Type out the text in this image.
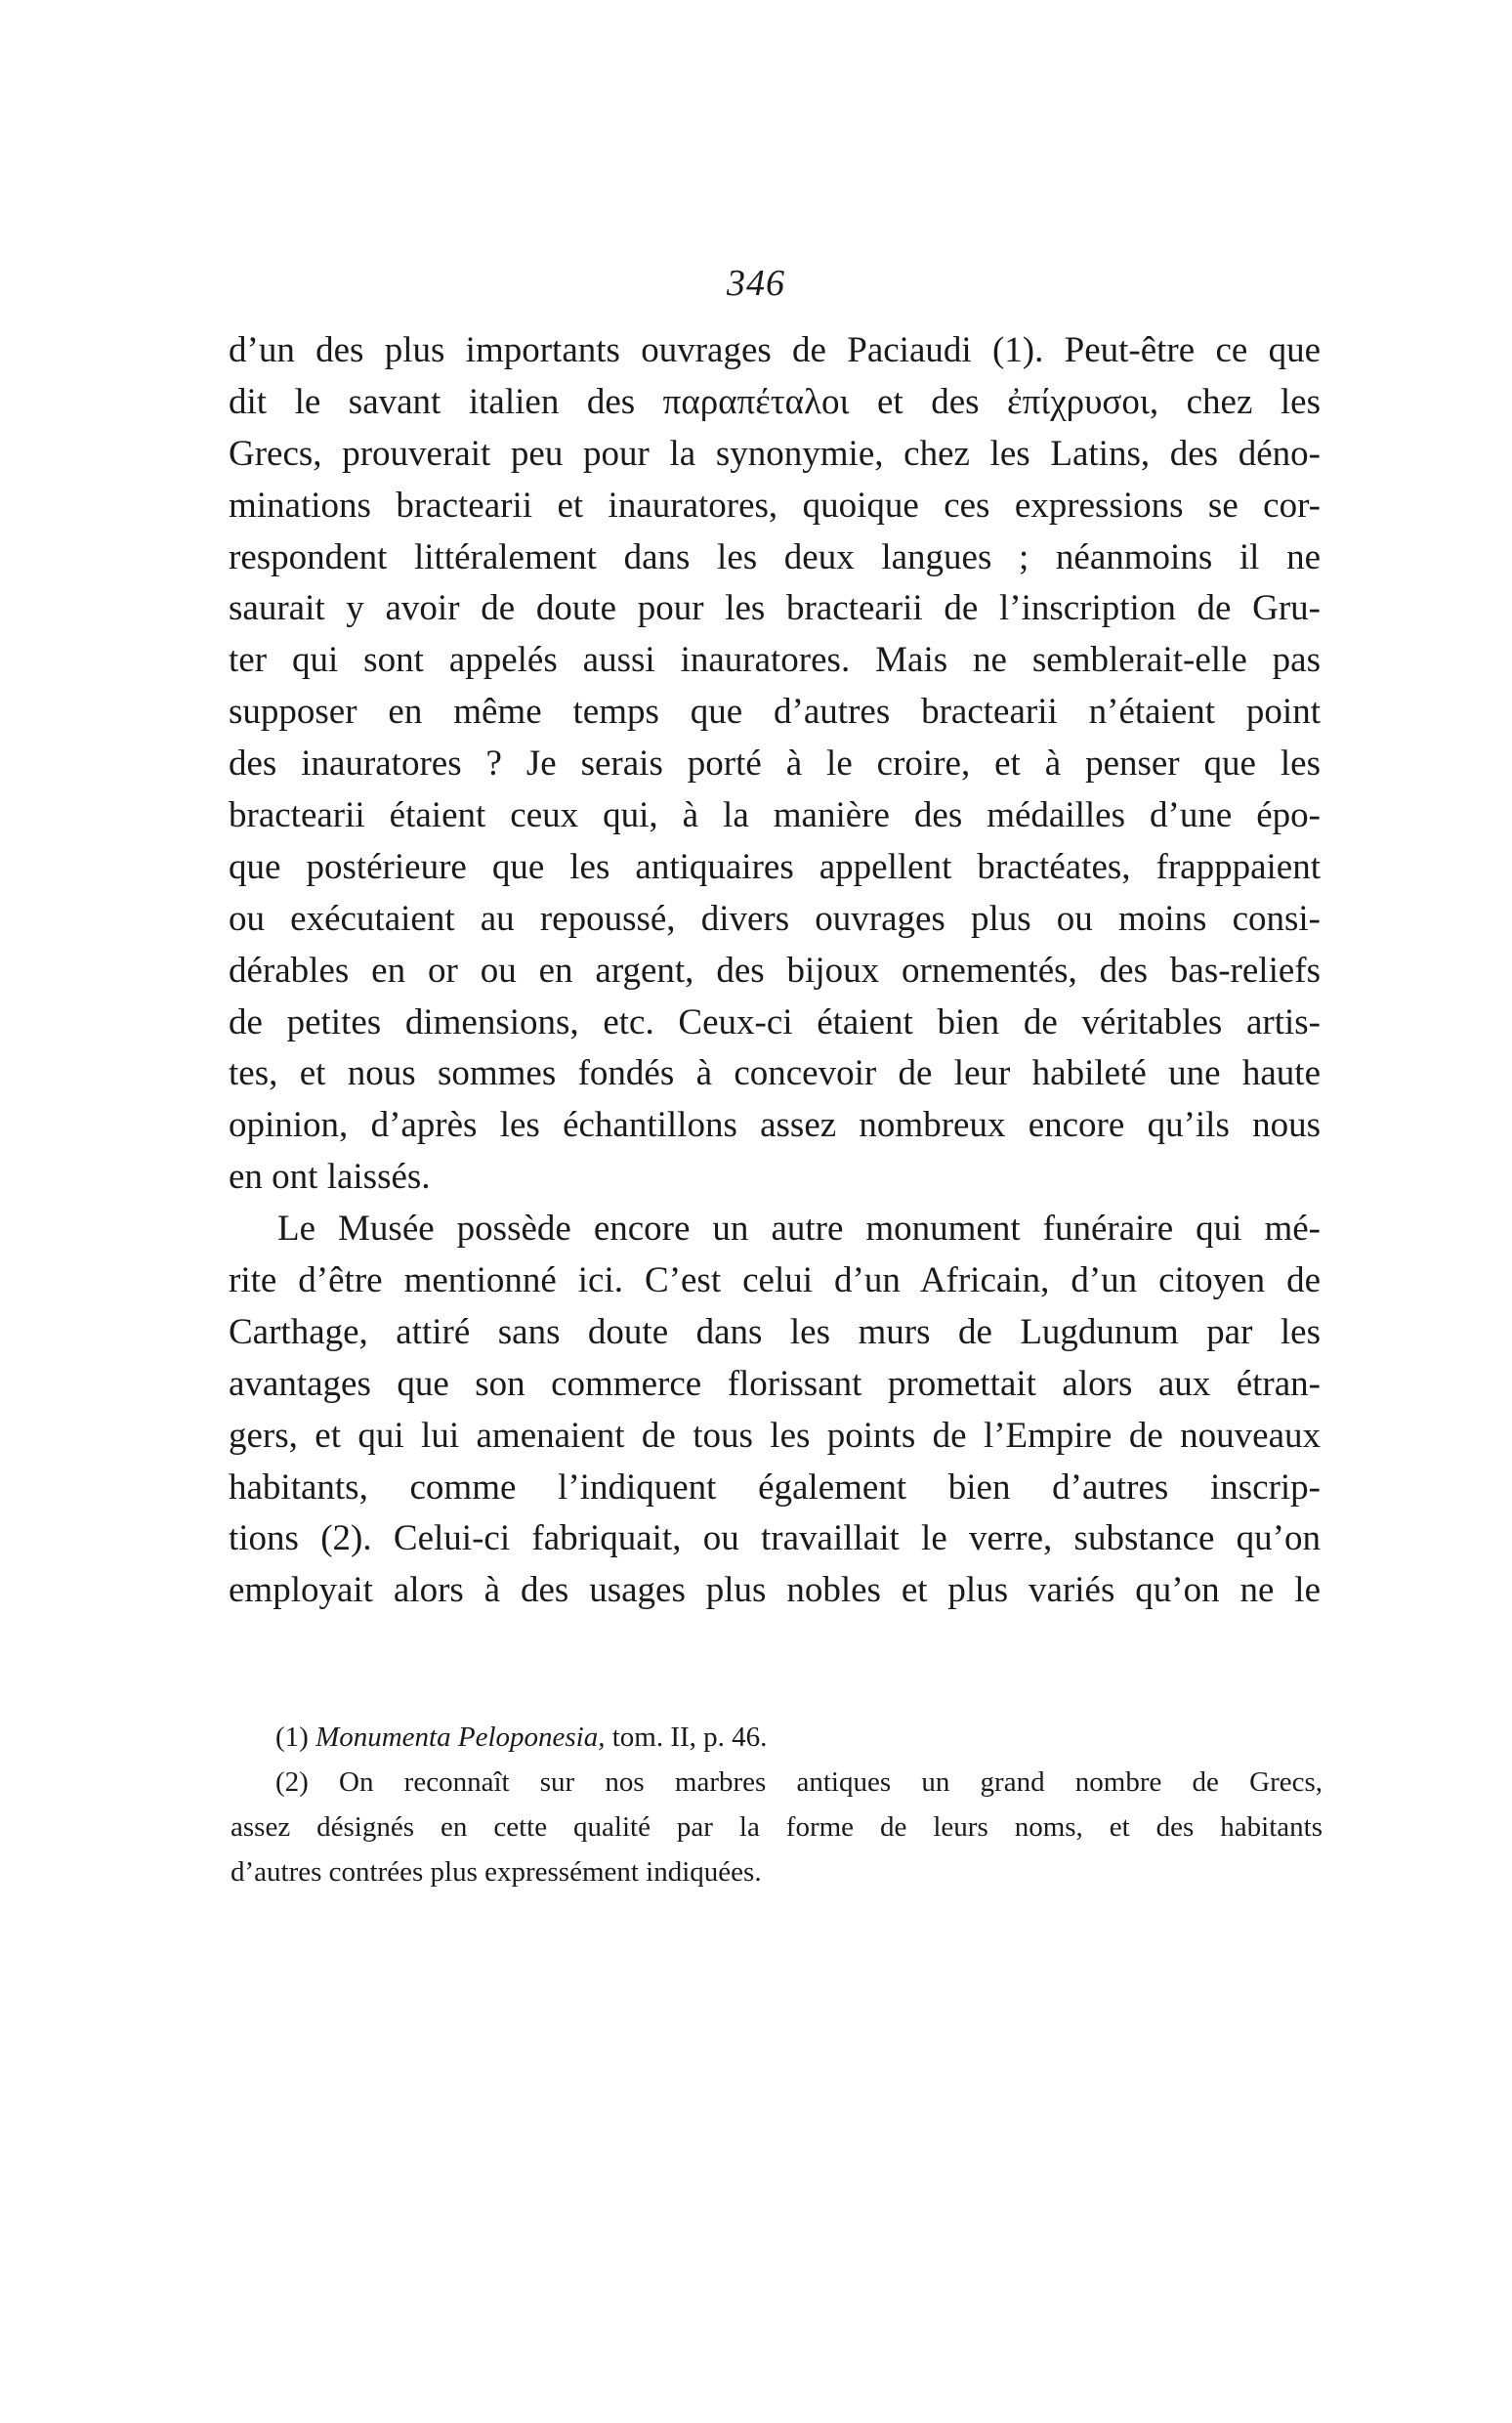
346
d’un des plus importants ouvrages de Paciaudi (1). Peut-être ce que
dit le savant italien des παραπέταλοι et des ἐπίχρυσοι, chez les
Grecs, prouverait peu pour la synonymie, chez les Latins, des déno-
minations bractearii et inauratores, quoique ces expressions se cor-
respondent littéralement dans les deux langues ; néanmoins il ne
saurait y avoir de doute pour les bractearii de l’inscription de Gru-
ter qui sont appelés aussi inauratores. Mais ne semblerait-elle pas
supposer en même temps que d’autres bractearii n’étaient point
des inauratores ? Je serais porté à le croire, et à penser que les
bractearii étaient ceux qui, à la manière des médailles d’une épo-
que postérieure que les antiquaires appellent bractéates, frapppaient
ou exécutaient au repoussé, divers ouvrages plus ou moins consi-
dérables en or ou en argent, des bijoux ornementés, des bas-reliefs
de petites dimensions, etc. Ceux-ci étaient bien de véritables artis-
tes, et nous sommes fondés à concevoir de leur habileté une haute
opinion, d’après les échantillons assez nombreux encore qu’ils nous
en ont laissés.
Le Musée possède encore un autre monument funéraire qui mé-
rite d’être mentionné ici. C’est celui d’un Africain, d’un citoyen de
Carthage, attiré sans doute dans les murs de Lugdunum par les
avantages que son commerce florissant promettait alors aux étran-
gers, et qui lui amenaient de tous les points de l’Empire de nouveaux
habitants, comme l’indiquent également bien d’autres inscrip-
tions (2). Celui-ci fabriquait, ou travaillait le verre, substance qu’on
employait alors à des usages plus nobles et plus variés qu’on ne le
(1) Monumenta Peloponesia, tom. II, p. 46.
(2) On reconnaît sur nos marbres antiques un grand nombre de Grecs,
assez désignés en cette qualité par la forme de leurs noms, et des habitants
d’autres contrées plus expressément indiquées.
